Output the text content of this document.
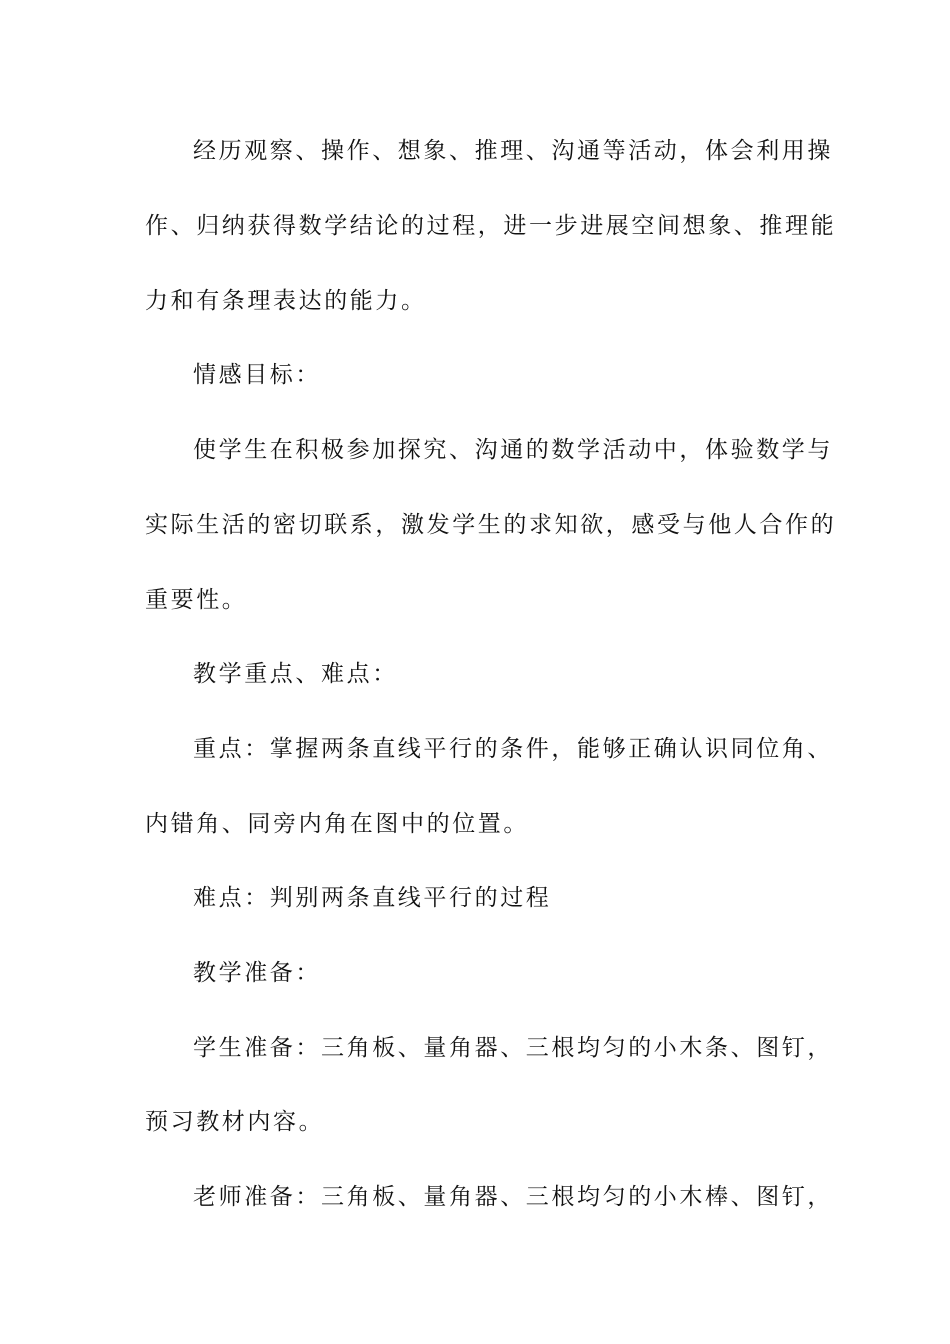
经历观察、操作、想象、推理、沟通等活动，体会利用操
作、归纳获得数学结论的过程，进一步进展空间想象、推理能
力和有条理表达的能力。
情感目标：
使学生在积极参加探究、沟通的数学活动中，体验数学与
实际生活的密切联系，激发学生的求知欲，感受与他人合作的
重要性。
教学重点、难点：
重点：掌握两条直线平行的条件，能够正确认识同位角、
内错角、同旁内角在图中的位置。
难点：判别两条直线平行的过程
教学准备：
学生准备：三角板、量角器、三根均匀的小木条、图钉，
预习教材内容。
老师准备：三角板、量角器、三根均匀的小木棒、图钉，
